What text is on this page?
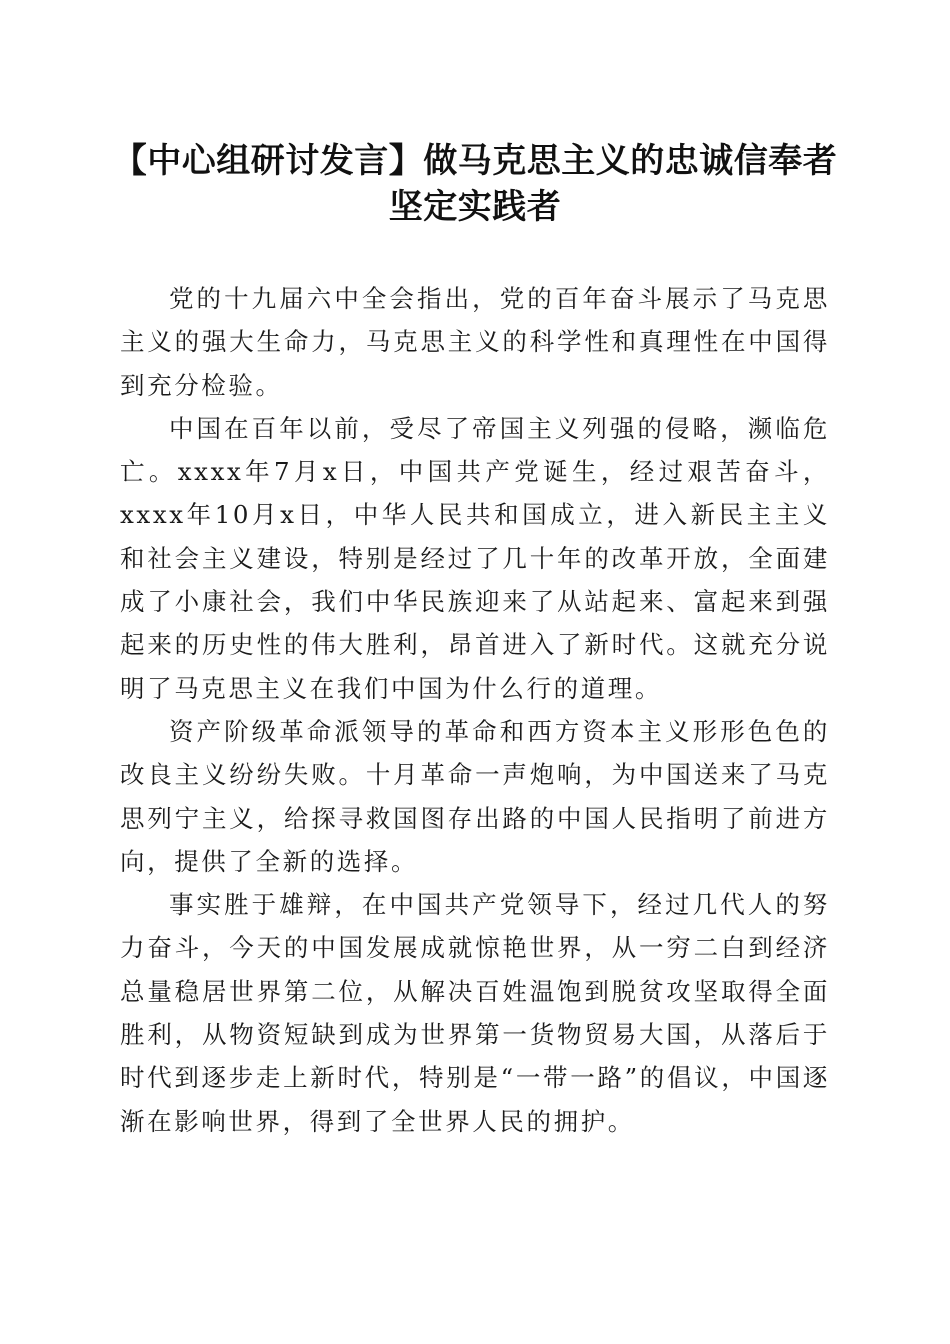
【中心组研讨发言】做马克思主义的忠诚信奉者坚定实践者

党的十九届六中全会指出，党的百年奋斗展示了马克思主义的强大生命力，马克思主义的科学性和真理性在中国得到充分检验。

中国在百年以前，受尽了帝国主义列强的侵略，濒临危亡。xxxx年7月x日，中国共产党诞生，经过艰苦奋斗，xxxx年10月x日，中华人民共和国成立，进入新民主主义和社会主义建设，特别是经过了几十年的改革开放，全面建成了小康社会，我们中华民族迎来了从站起来、富起来到强起来的历史性的伟大胜利，昂首进入了新时代。这就充分说明了马克思主义在我们中国为什么行的道理。

资产阶级革命派领导的革命和西方资本主义形形色色的改良主义纷纷失败。十月革命一声炮响，为中国送来了马克思列宁主义，给探寻救国图存出路的中国人民指明了前进方向，提供了全新的选择。

事实胜于雄辩，在中国共产党领导下，经过几代人的努力奋斗，今天的中国发展成就惊艳世界，从一穷二白到经济总量稳居世界第二位，从解决百姓温饱到脱贫攻坚取得全面胜利，从物资短缺到成为世界第一货物贸易大国，从落后于时代到逐步走上新时代，特别是“一带一路”的倡议，中国逐渐在影响世界，得到了全世界人民的拥护。
